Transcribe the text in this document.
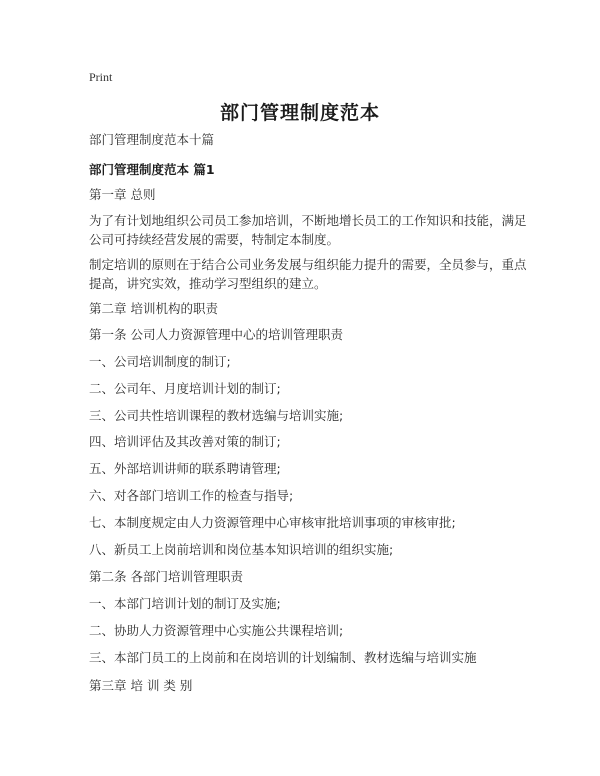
Print
部门管理制度范本
部门管理制度范本十篇
部门管理制度范本 篇1
第一章 总则
为了有计划地组织公司员工参加培训，不断地增长员工的工作知识和技能，满足公司可持续经营发展的需要，特制定本制度。
制定培训的原则在于结合公司业务发展与组织能力提升的需要，全员参与，重点提高，讲究实效，推动学习型组织的建立。
第二章 培训机构的职责
第一条 公司人力资源管理中心的培训管理职责
一、公司培训制度的制订;
二、公司年、月度培训计划的制订;
三、公司共性培训课程的教材选编与培训实施;
四、培训评估及其改善对策的制订;
五、外部培训讲师的联系聘请管理;
六、对各部门培训工作的检查与指导;
七、本制度规定由人力资源管理中心审核审批培训事项的审核审批;
八、新员工上岗前培训和岗位基本知识培训的组织实施;
第二条 各部门培训管理职责
一、本部门培训计划的制订及实施;
二、协助人力资源管理中心实施公共课程培训;
三、本部门员工的上岗前和在岗培训的计划编制、教材选编与培训实施
第三章 培 训 类 别
